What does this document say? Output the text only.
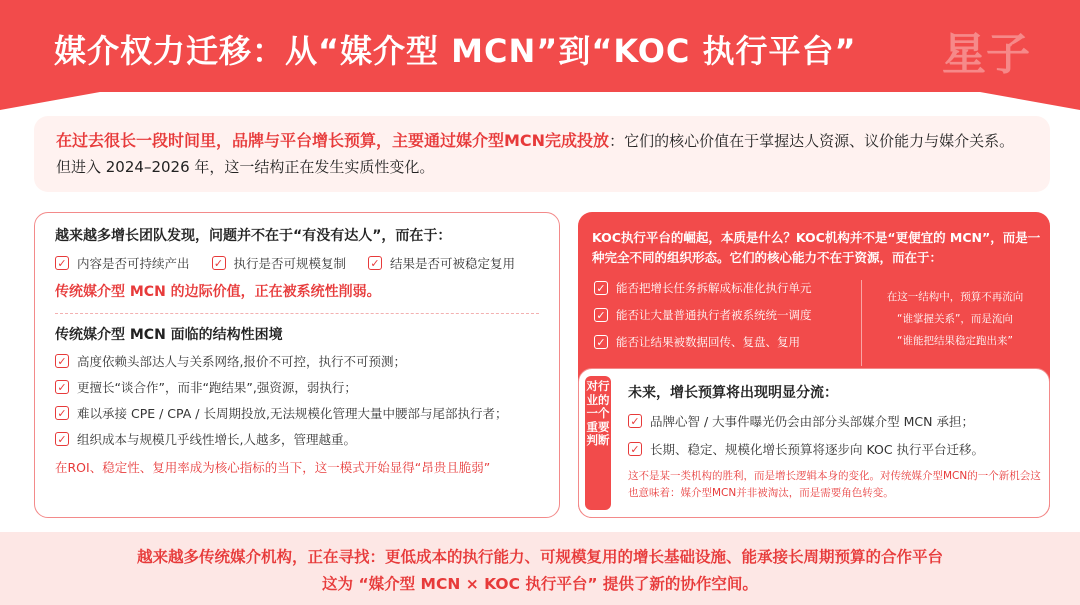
媒介权力迁移：从“媒介型 MCN”到“KOC 执行平台” 星子
在过去很长一段时间里，品牌与平台增长预算，主要通过媒介型MCN完成投放：它们的核心价值在于掌握达人资源、议价能力与媒介关系。但进入 2024–2026 年，这一结构正在发生实质性变化。
越来越多增长团队发现，问题并不在于“有没有达人”，而在于：
✓ 内容是否可持续产出 ✓ 执行是否可规模复制 ✓ 结果是否可被稳定复用
传统媒介型 MCN 的边际价值，正在被系统性削弱。
传统媒介型 MCN 面临的结构性困境
✓ 高度依赖头部达人与关系网络,报价不可控，执行不可预测；
✓ 更擅长“谈合作”，而非“跑结果”,强资源，弱执行；
✓ 难以承接 CPE / CPA / 长周期投放,无法规模化管理大量中腰部与尾部执行者；
✓ 组织成本与规模几乎线性增长,人越多，管理越重。
在ROI、稳定性、复用率成为核心指标的当下，这一模式开始显得“昂贵且脆弱”
KOC执行平台的崛起，本质是什么？KOC机构并不是“更便宜的 MCN”，而是一种完全不同的组织形态。它们的核心能力不在于资源，而在于：
✓ 能否把增长任务拆解成标准化执行单元
✓ 能否让大量普通执行者被系统统一调度
✓ 能否让结果被数据回传、复盘、复用
在这一结构中，预算不再流向
“谁掌握关系”，而是流向
“谁能把结果稳定跑出来”
对行业的一个重要判断
未来，增长预算将出现明显分流：
✓ 品牌心智 / 大事件曝光仍会由部分头部媒介型 MCN 承担；
✓ 长期、稳定、规模化增长预算将逐步向 KOC 执行平台迁移。
这不是某一类机构的胜利，而是增长逻辑本身的变化。对传统媒介型MCN的一个新机会这也意味着：媒介型MCN并非被淘汰，而是需要角色转变。
越来越多传统媒介机构，正在寻找：更低成本的执行能力、可规模复用的增长基础设施、能承接长周期预算的合作平台
这为 “媒介型 MCN × KOC 执行平台” 提供了新的协作空间。
